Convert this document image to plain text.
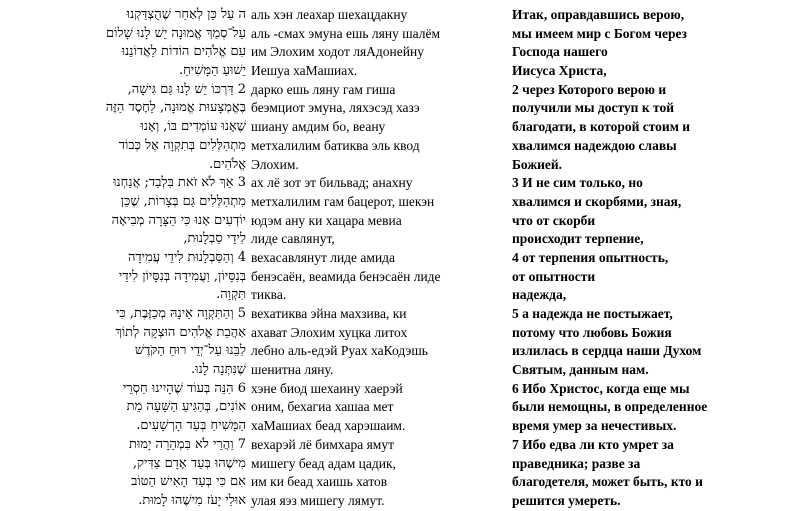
ה עַל כֵּן לְאַחַר שֶׁהֻצְדַּקְנוּ
עַל־סְמַךְ אֱמוּנָה יֵשׁ לָנוּ שָׁלוֹם
עִם אֱלֹהִים הוֹדוֹת לַאֲדוֹנֵנוּ
יֵשׁוּעַ הַמָּשִׁיחַ.
2 דַּרְכּוֹ יֵשׁ לָנוּ גַּם גִּישָׁה,
בֶּאֱמְצָעוּת אֱמוּנָה, לַחֶסֶד הַזֶּה
שֶׁאָנוּ עוֹמְדִים בּוֹ, וְאָנוּ
מִתְהַלְּלִים בְּתִקְוָה אֶל כְּבוֹד
אֱלֹהִים.
3 אַךְ לֹא זֹאת בִּלְבַד; אֲנַחְנוּ
מִתְהַלְּלִים גַּם בְּצָרוֹת, שֶׁכֵּן
יוֹדְעִים אָנוּ כִּי הַצָּרָה מְבִיאָה
לִידֵי סַבְלָנוּת,
4 וְהַסַּבְלָנוּת לִידֵי עֲמִידָה
בְּנִסָּיוֹן, וַעֲמִידָה בְּנִסָּיוֹן לִידֵי
תִּקְוָה.
5 וְהַתִּקְוָה אֵינָהּ מְכַזֶּבֶת, כִּי
אַהֲבַת אֱלֹהִים הוּצְקָה לְתוֹךְ
לִבֵּנוּ עַל־יְדֵי רוּחַ הַקֹּדֶשׁ
שֶׁנִּתְּנָה לָנוּ.
6 הִנֵּה בְּעוֹד שֶׁהָיִינוּ חַסְרֵי
אוֹנִים, בְּהַגִּיעַ הַשָּׁעָה מֵת
הַמָּשִׁיחַ בְּעַד הָרְשָׁעִים.
7 וַהֲרֵי לֹא בִּמְהֵרָה יָמוּת
מִישֶׁהוּ בְּעַד אָדָם צַדִּיק,
אִם כִּי בְּעַד הָאִישׁ הַטּוֹב
אוּלַי יָעֹז מִישֶׁהוּ לָמוּת.
аль хэн леахар шехацдакну
аль -смах эмуна ешь ляну шалём
им Элохим ходот ляАдонейну
Иешуа хаМашиах.
дарко ешь ляну гам гиша
беэмциот эмуна, ляхэсэд хазэ
шиану амдим бо, веану
метхалилим батиква эль квод
Элохим.
ах лё зот эт бильвад; анахну
метхалилим гам бацерот, шекэн
юдэм ану ки хацара мевиа
лиде савлянут,
вехасавлянут лиде амида
бенэсаён, веамида бенэсаён лиде
тиква.
вехатиква эйна махзива, ки
ахават Элохим хуцка литох
лебно аль-едэй Руах хаКодэшь
шенитна ляну.
хэне биод шехаину хаерэй
оним, бехагиа хашаа мет
хаМашиах беад харэшаим.
вехарэй лё бимхара ямут
мишегу беад адам цадик,
им ки беад хаишь хатов
улая яэз мишегу лямут.
Итак, оправдавшись верою,
мы имеем мир с Богом через
Господа нашего
Иисуса Христа,
2 через Которого верою и
получили мы доступ к той
благодати, в которой стоим и
хвалимся надеждою славы
Божией.
3 И не сим только, но
хвалимся и скорбями, зная,
что от скорби
происходит терпение,
4 от терпения опытность,
от опытности
надежда,
5 а надежда не постыжает,
потому что любовь Божия
излилась в сердца наши Духом
Святым, данным нам.
6 Ибо Христос, когда еще мы
были немощны, в определенное
время умер за нечестивых.
7 Ибо едва ли кто умрет за
праведника; разве за
благодетеля, может быть, кто и
решится умереть.
